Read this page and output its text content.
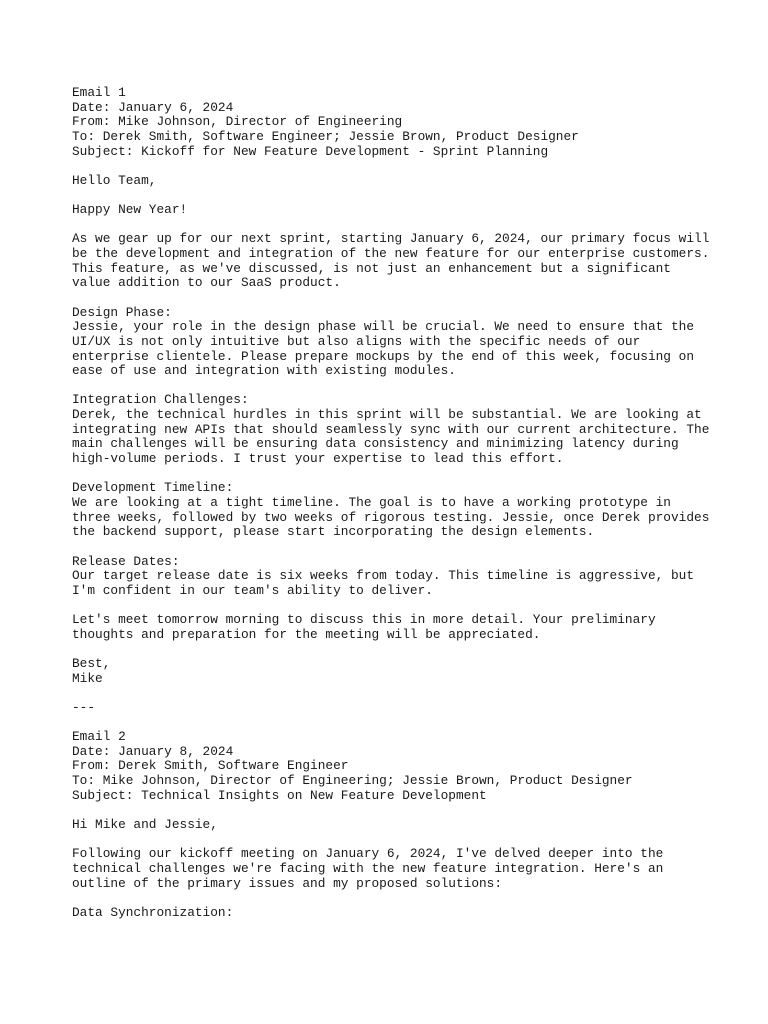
Email 1
Date: January 6, 2024
From: Mike Johnson, Director of Engineering
To: Derek Smith, Software Engineer; Jessie Brown, Product Designer
Subject: Kickoff for New Feature Development - Sprint Planning
Hello Team,
Happy New Year!
As we gear up for our next sprint, starting January 6, 2024, our primary focus will
be the development and integration of the new feature for our enterprise customers.
This feature, as we've discussed, is not just an enhancement but a significant
value addition to our SaaS product.
Design Phase:
Jessie, your role in the design phase will be crucial. We need to ensure that the
UI/UX is not only intuitive but also aligns with the specific needs of our
enterprise clientele. Please prepare mockups by the end of this week, focusing on
ease of use and integration with existing modules.
Integration Challenges:
Derek, the technical hurdles in this sprint will be substantial. We are looking at
integrating new APIs that should seamlessly sync with our current architecture. The
main challenges will be ensuring data consistency and minimizing latency during
high-volume periods. I trust your expertise to lead this effort.
Development Timeline:
We are looking at a tight timeline. The goal is to have a working prototype in
three weeks, followed by two weeks of rigorous testing. Jessie, once Derek provides
the backend support, please start incorporating the design elements.
Release Dates:
Our target release date is six weeks from today. This timeline is aggressive, but
I'm confident in our team's ability to deliver.
Let's meet tomorrow morning to discuss this in more detail. Your preliminary
thoughts and preparation for the meeting will be appreciated.
Best,
Mike
---
Email 2
Date: January 8, 2024
From: Derek Smith, Software Engineer
To: Mike Johnson, Director of Engineering; Jessie Brown, Product Designer
Subject: Technical Insights on New Feature Development
Hi Mike and Jessie,
Following our kickoff meeting on January 6, 2024, I've delved deeper into the
technical challenges we're facing with the new feature integration. Here's an
outline of the primary issues and my proposed solutions:
Data Synchronization:
